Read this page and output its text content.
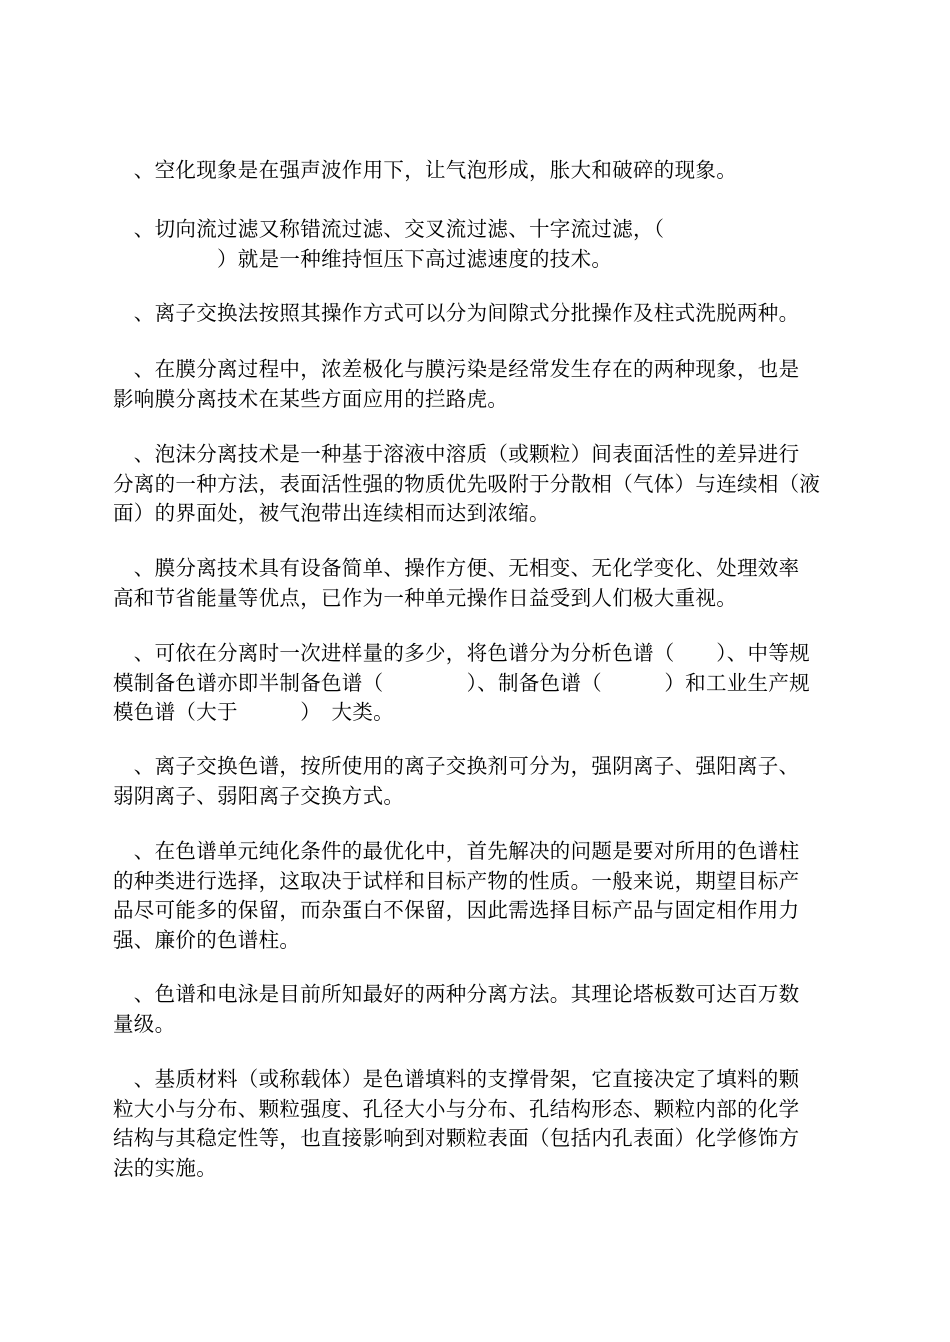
　、空化现象是在强声波作用下，让气泡形成，胀大和破碎的现象。
　、切向流过滤又称错流过滤、交叉流过滤、十字流过滤，（
　　　　　）就是一种维持恒压下高过滤速度的技术。
　、离子交换法按照其操作方式可以分为间隙式分批操作及柱式洗脱两种。
　、在膜分离过程中，浓差极化与膜污染是经常发生存在的两种现象，也是
影响膜分离技术在某些方面应用的拦路虎。
　、泡沫分离技术是一种基于溶液中溶质（或颗粒）间表面活性的差异进行
分离的一种方法，表面活性强的物质优先吸附于分散相（气体）与连续相（液
面）的界面处，被气泡带出连续相而达到浓缩。
　、膜分离技术具有设备简单、操作方便、无相变、无化学变化、处理效率
高和节省能量等优点，已作为一种单元操作日益受到人们极大重视。
　、可依在分离时一次进样量的多少，将色谱分为分析色谱（　　）、中等规
模制备色谱亦即半制备色谱（　　　　）、制备色谱（　　　）和工业生产规
模色谱（大于　　　）　大类。
　、离子交换色谱，按所使用的离子交换剂可分为，强阴离子、强阳离子、
弱阴离子、弱阳离子交换方式。
　、在色谱单元纯化条件的最优化中，首先解决的问题是要对所用的色谱柱
的种类进行选择，这取决于试样和目标产物的性质。一般来说，期望目标产
品尽可能多的保留，而杂蛋白不保留，因此需选择目标产品与固定相作用力
强、廉价的色谱柱。
　、色谱和电泳是目前所知最好的两种分离方法。其理论塔板数可达百万数
量级。
　、基质材料（或称载体）是色谱填料的支撑骨架，它直接决定了填料的颗
粒大小与分布、颗粒强度、孔径大小与分布、孔结构形态、颗粒内部的化学
结构与其稳定性等，也直接影响到对颗粒表面（包括内孔表面）化学修饰方
法的实施。
